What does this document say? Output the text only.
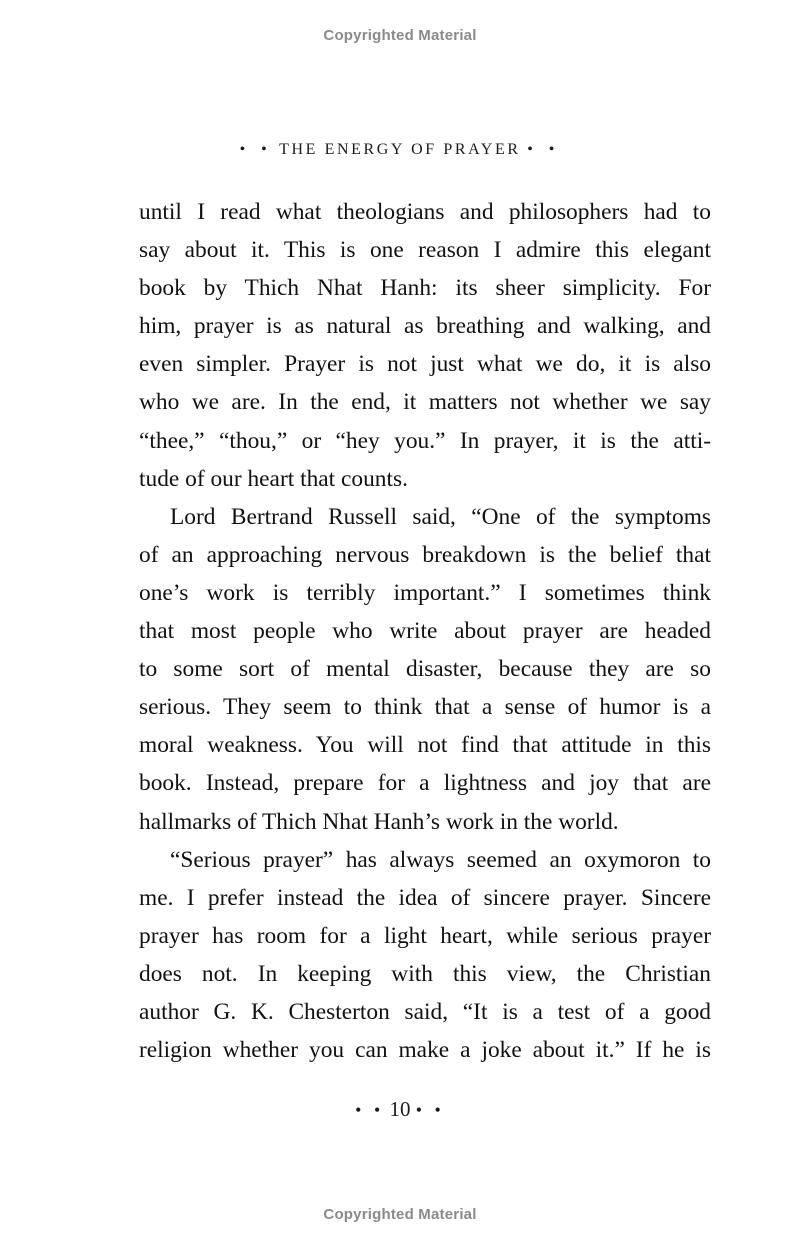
Copyrighted Material
• • THE ENERGY OF PRAYER • •
until I read what theologians and philosophers had to
say about it. This is one reason I admire this elegant
book by Thich Nhat Hanh: its sheer simplicity. For
him, prayer is as natural as breathing and walking, and
even simpler. Prayer is not just what we do, it is also
who we are. In the end, it matters not whether we say
“thee,” “thou,” or “hey you.” In prayer, it is the atti-
tude of our heart that counts.
Lord Bertrand Russell said, “One of the symptoms
of an approaching nervous breakdown is the belief that
one’s work is terribly important.” I sometimes think
that most people who write about prayer are headed
to some sort of mental disaster, because they are so
serious. They seem to think that a sense of humor is a
moral weakness. You will not find that attitude in this
book. Instead, prepare for a lightness and joy that are
hallmarks of Thich Nhat Hanh’s work in the world.
“Serious prayer” has always seemed an oxymoron to
me. I prefer instead the idea of sincere prayer. Sincere
prayer has room for a light heart, while serious prayer
does not. In keeping with this view, the Christian
author G. K. Chesterton said, “It is a test of a good
religion whether you can make a joke about it.” If he is
• • 10 • •
Copyrighted Material
